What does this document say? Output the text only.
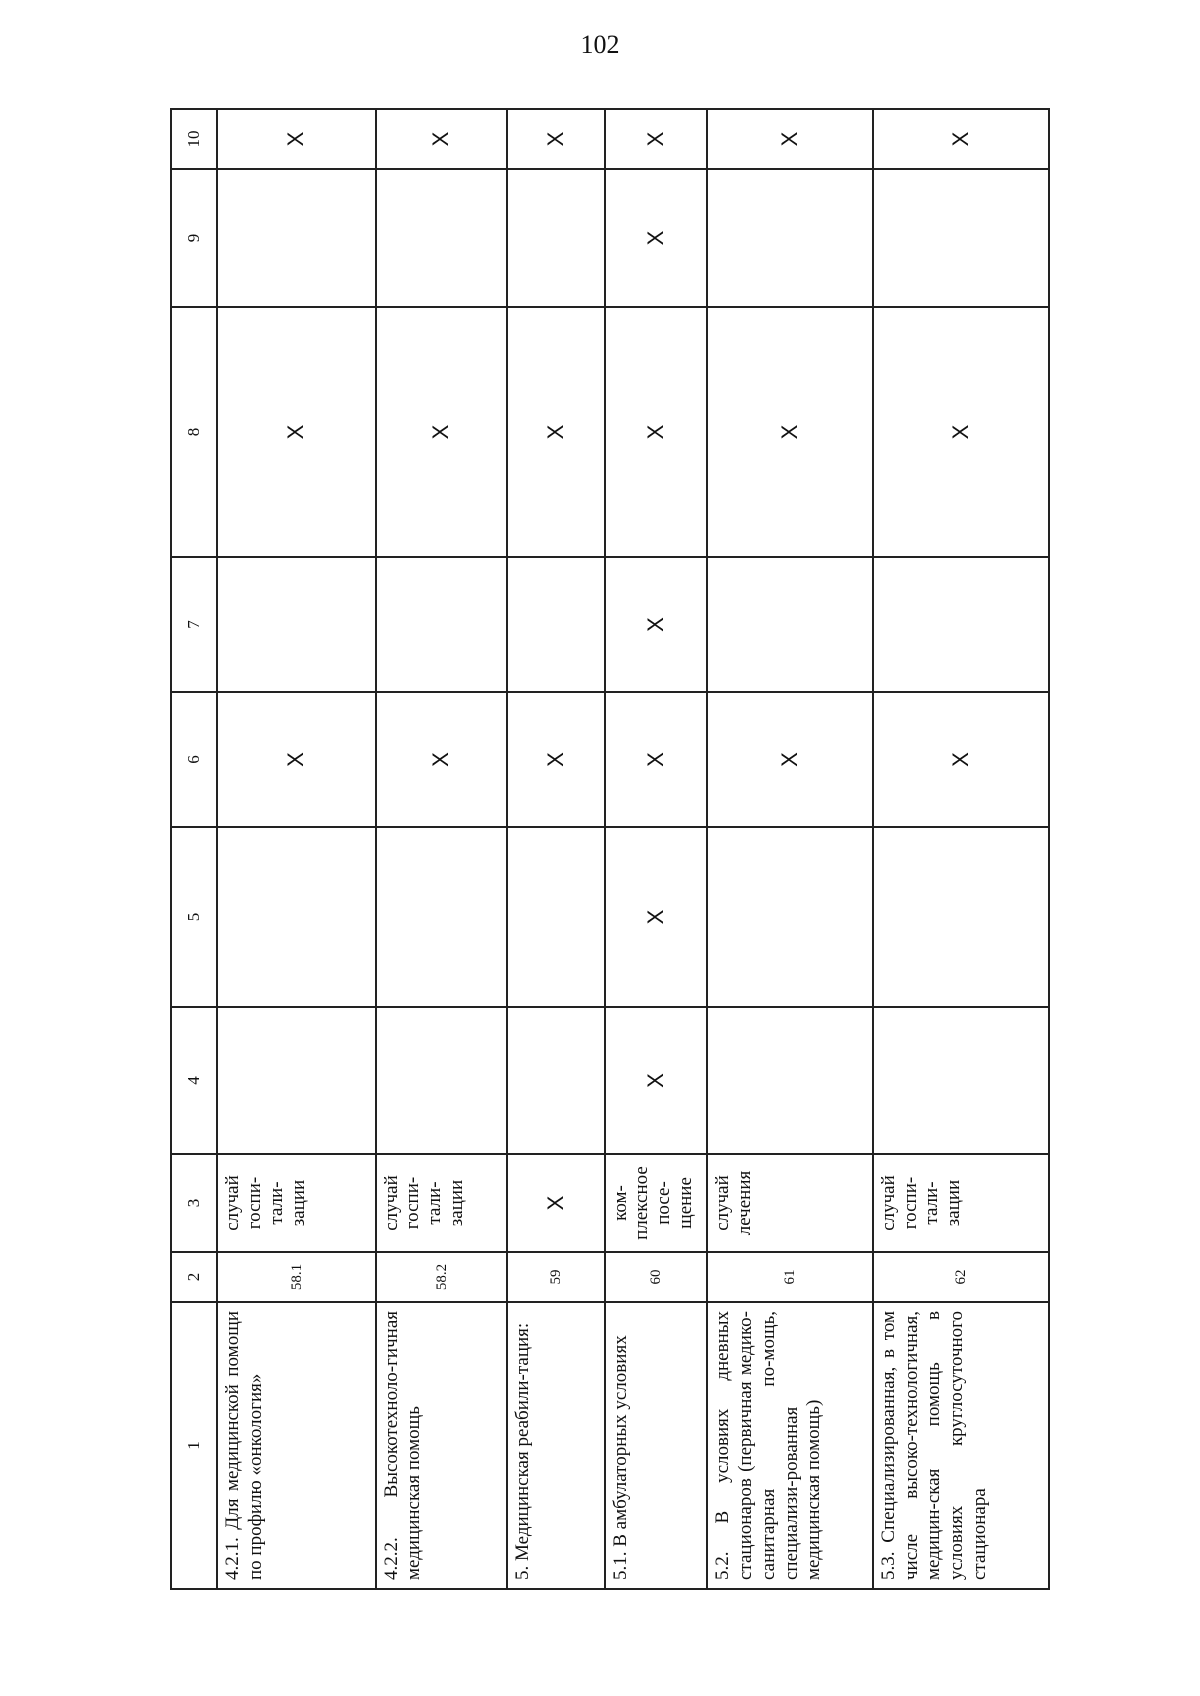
102
1	2	3	4	5	6	7	8	9	10
4.2.1. Для медицинской помощи по профилю «онкология»	58.1	случай госпи-тали-зации			X		X		X
4.2.2. Высокотехноло-гичная медицинская помощь	58.2	случай госпи-тали-зации			X		X		X
5. Медицинская реабили-тация:	59	X			X		X		X
5.1. В амбулаторных условиях	60	ком-плексное посе-щение	X	X	X	X	X	X	X
5.2. В условиях дневных стационаров (первичная медико-санитарная по-мощь, специализи-рованная медицинская помощь)	61	случай лечения			X		X		X
5.3. Специализированная, в том числе высоко-технологичная, медицин-ская помощь в условиях круглосуточного стационара	62	случай госпи-тали-зации			X		X		X
